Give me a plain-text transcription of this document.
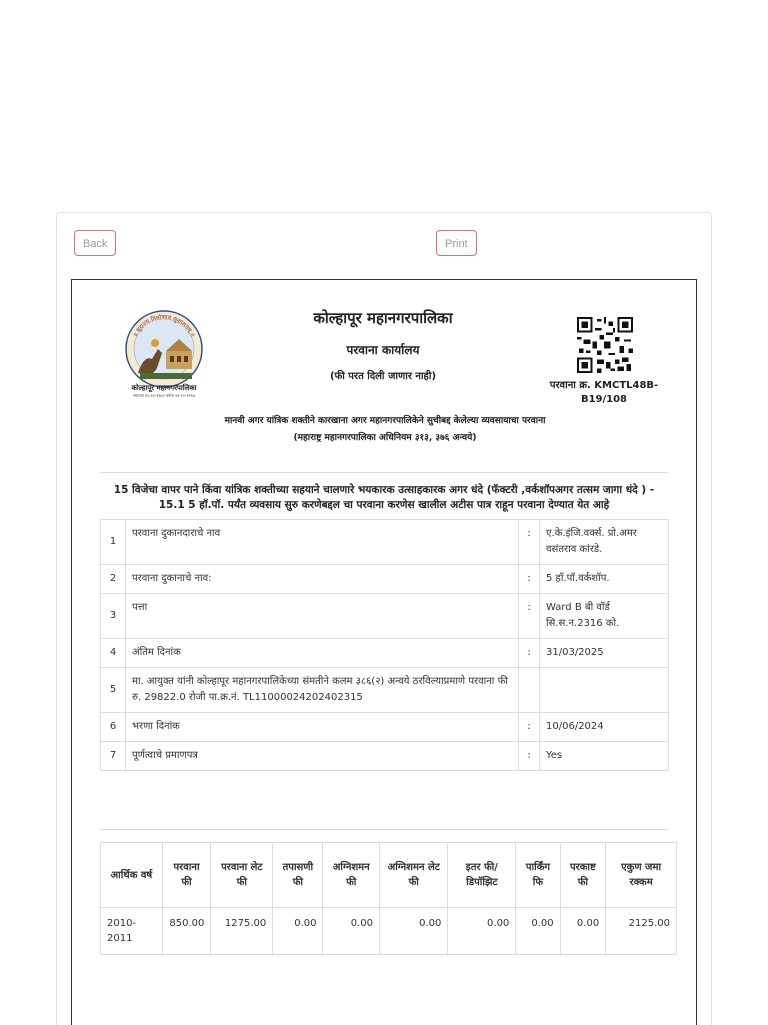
Back	Print
॥ सुराज्य निर्माणाय सुशासनम् ॥
कोल्हापूर महानगरपालिका
स्थापना १५-१२-१९७२ वर्धना १४-१२-१९९७
कोल्हापूर महानगरपालिका
परवाना कार्यालय
(फी परत दिली जाणार नाही)
परवाना क्र. KMCTL48B-B19/108
मानवी अगर यांत्रिक शक्तीने कारखाना अगर महानगरपालिकेने सुचीबद्द केलेल्या व्यवसायाचा परवाना
(महाराष्ट्र महानगरपालिका अधिनियम ३१३, ३७६ अन्वये)
15 विजेचा वापर पाने किंवा यांत्रिक शक्तीच्या सहयाने चालणारे भयकारक उत्साहकारक अगर धंदे (फॅक्टरी ,वर्कशॉपअगर तत्सम जागा धंदे ) - 15.1 5 हॉ.पॉ. पर्यंत व्यवसाय सुरु करणेबद्दल चा परवाना करणेस खालील अटीस पात्र राहून परवाना देण्यात येत आहे
1	परवाना दुकानदाराचे नाव	:	ए.के.इंजि.वर्क्स. प्रो.अमर वसंतराव कांरडे.
2	परवाना दुकानाचे नाव:	:	5 हॉ.पॉ.वर्कशॉप.
3	पत्ता	:	Ward B बी वॉर्ड सि.स.न.2316 को.
4	अंतिम दिनांक	:	31/03/2025
5	मा. आयुक्त यांनी कोल्हापूर महानगरपालिकेच्या संमतीने कलम ३८६(२) अन्वये ठरविल्याप्रमाणे परवाना फी रु. 29822.0 रोजी पा.क्र.नं. TL11000024202402315		
6	भरणा दिनांक	:	10/06/2024
7	पूर्णत्वाचे प्रमाणपत्र	:	Yes
आर्थिक वर्ष	परवाना फी	परवाना लेट फी	तपासणी फी	अग्निशमन फी	अग्निशमन लेट फी	इतर फी/ डिपॉझिट	पार्किंग फि	परकाष्ट फी	एकुण जमा रक्कम
2010-2011	850.00	1275.00	0.00	0.00	0.00	0.00	0.00	0.00	2125.00
